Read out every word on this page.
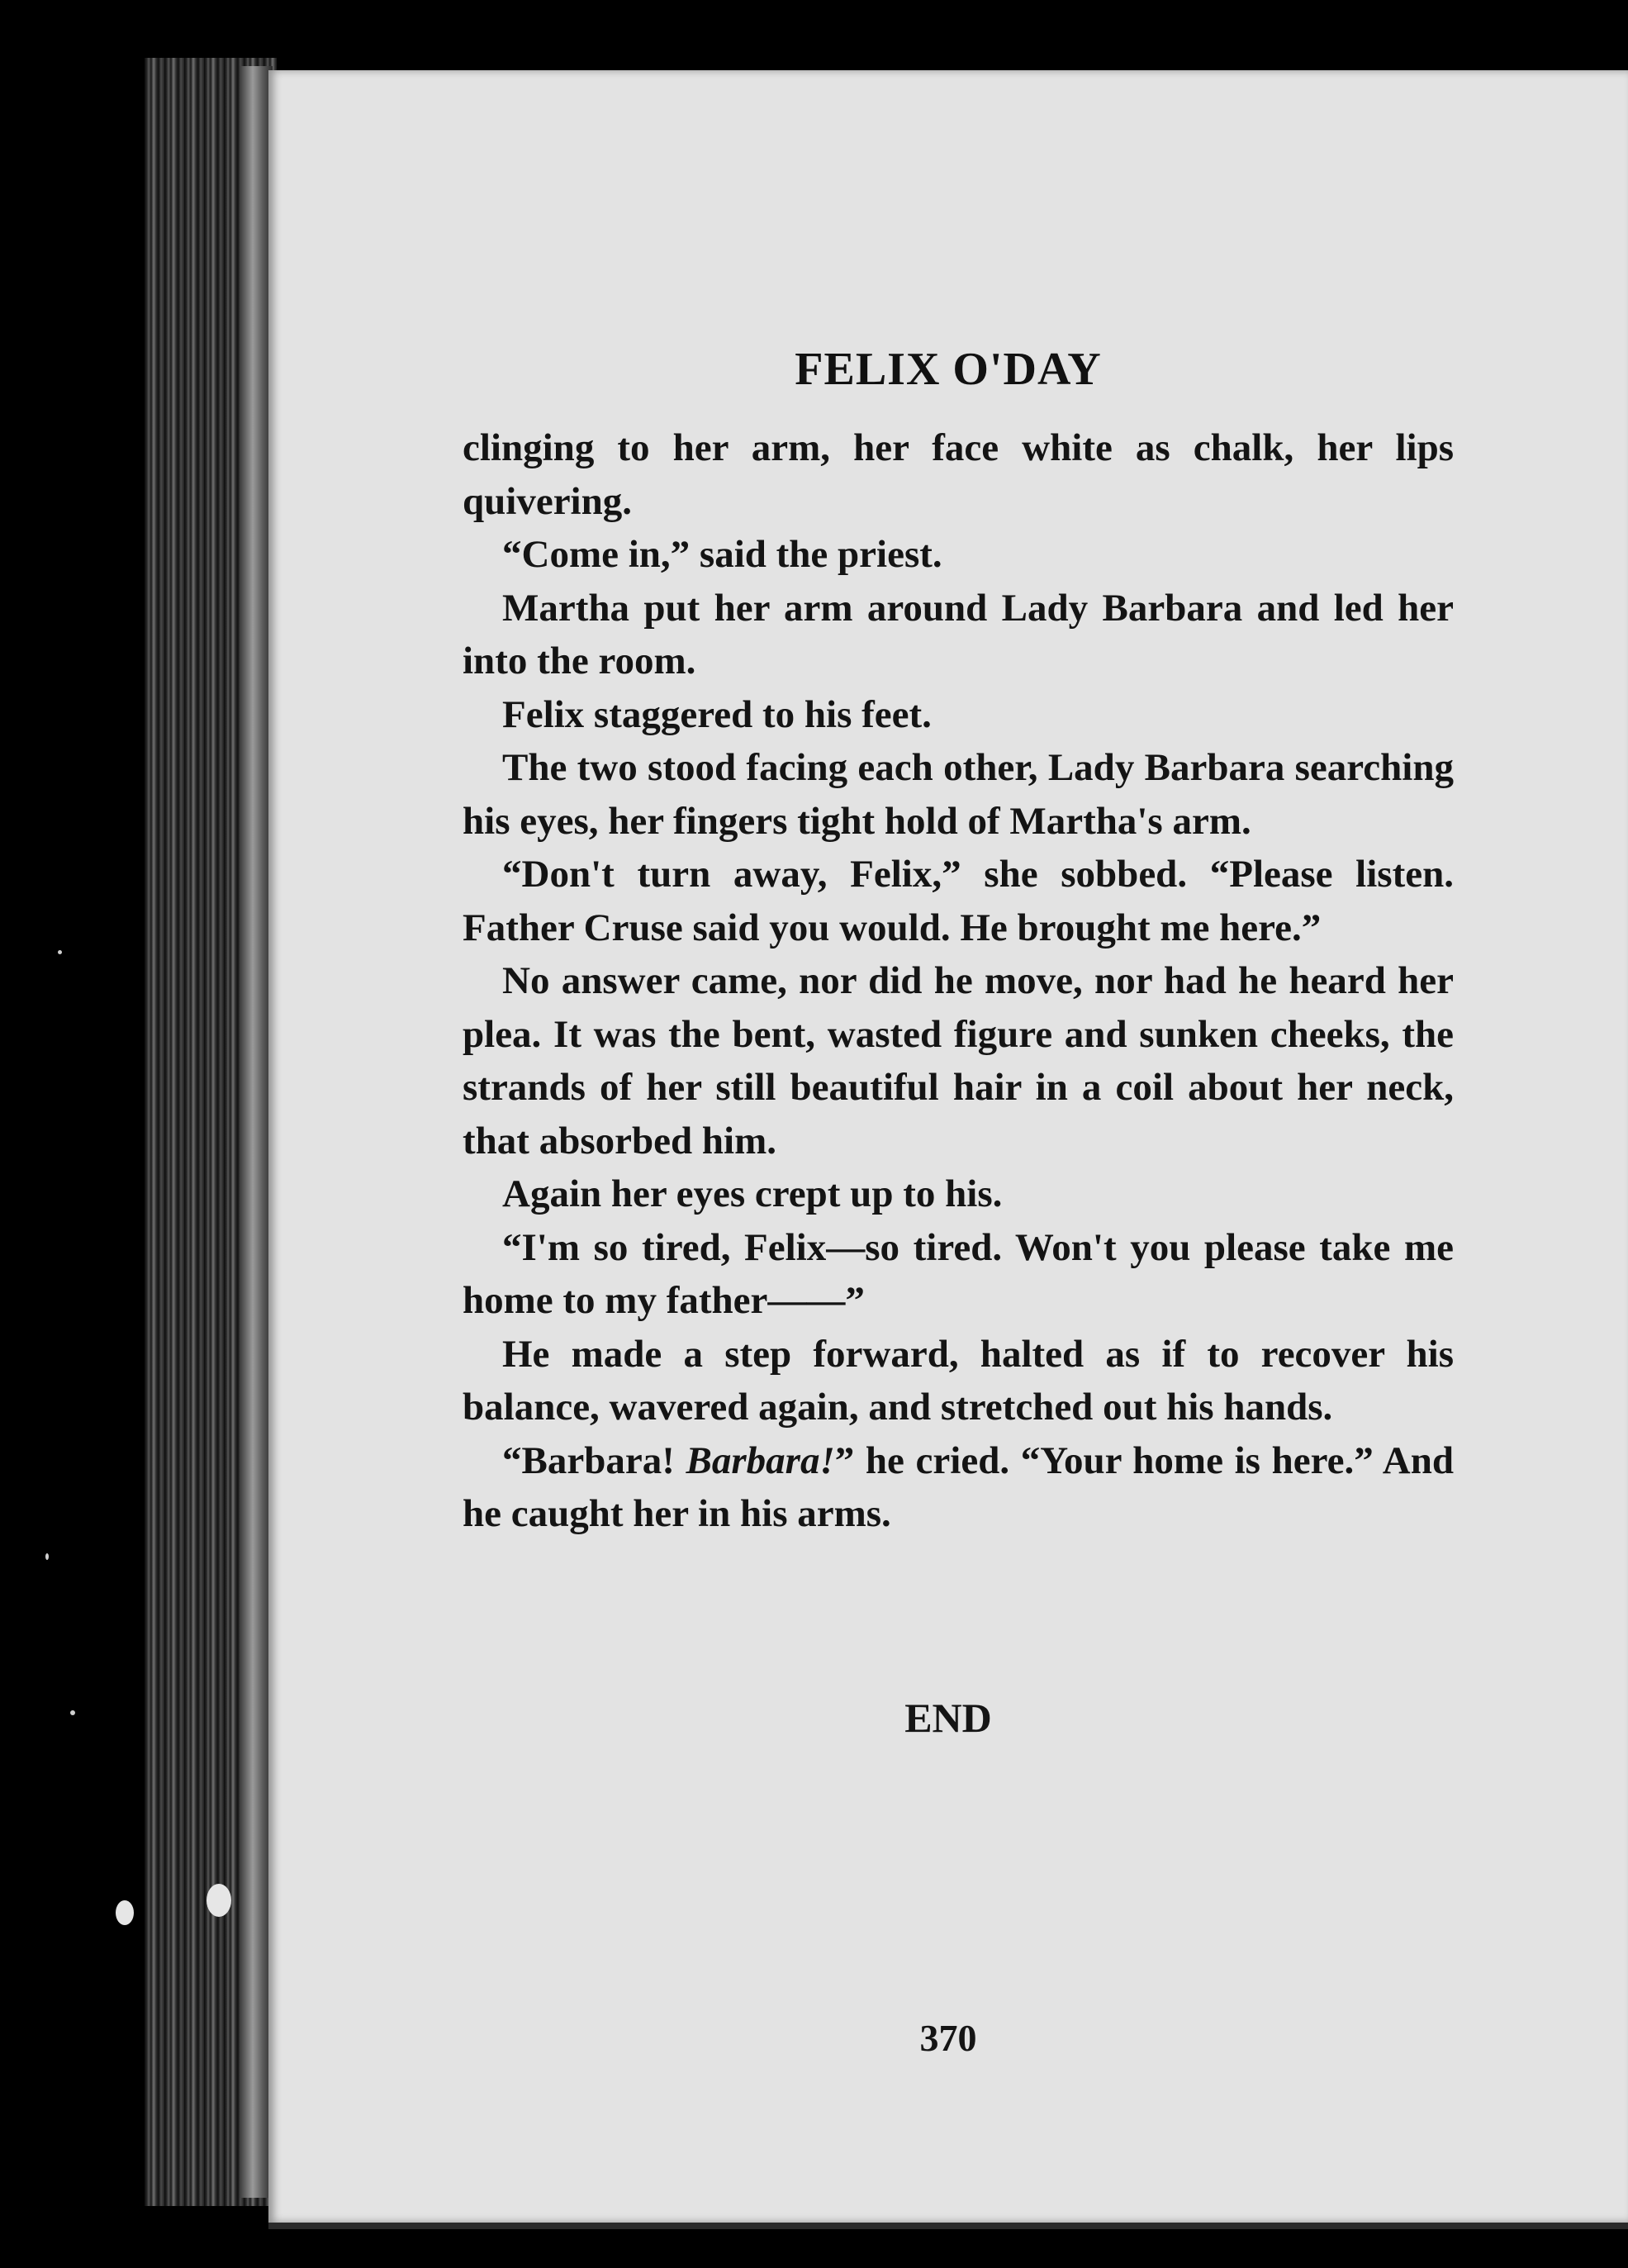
FELIX O'DAY

clinging to her arm, her face white as chalk, her lips quivering.

“Come in,” said the priest.

Martha put her arm around Lady Barbara and led her into the room.

Felix staggered to his feet.

The two stood facing each other, Lady Barbara searching his eyes, her fingers tight hold of Martha's arm.

“Don't turn away, Felix,” she sobbed. “Please listen. Father Cruse said you would. He brought me here.”

No answer came, nor did he move, nor had he heard her plea. It was the bent, wasted figure and sunken cheeks, the strands of her still beautiful hair in a coil about her neck, that absorbed him.

Again her eyes crept up to his.

“I'm so tired, Felix—so tired. Won't you please take me home to my father——”

He made a step forward, halted as if to recover his balance, wavered again, and stretched out his hands.

“Barbara! Barbara!” he cried. “Your home is here.” And he caught her in his arms.

END
370
